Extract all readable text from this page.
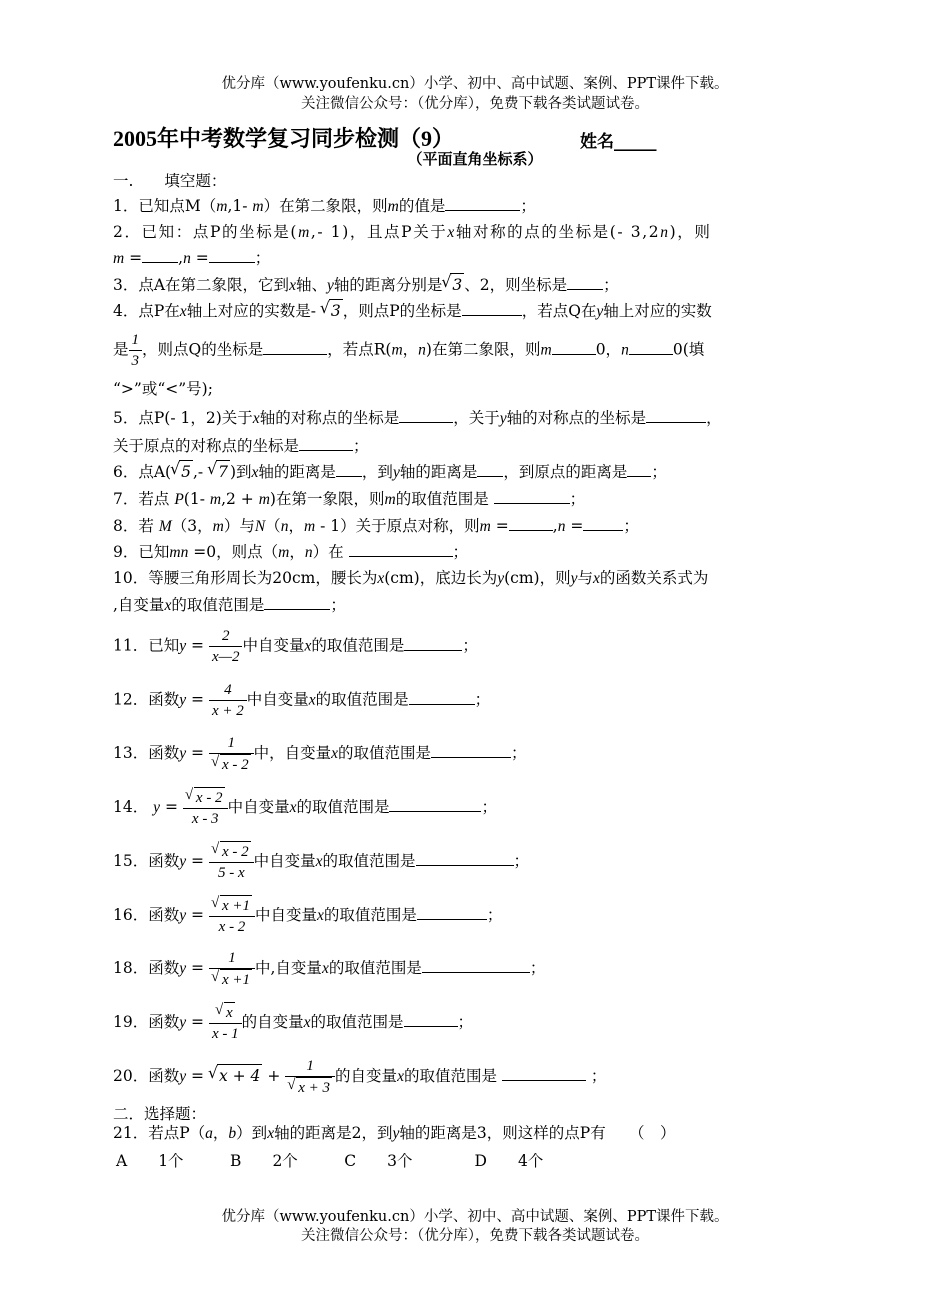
优分库（www.youfenku.cn）小学、初中、高中试题、案例、PPT课件下载。
关注微信公众号：（优分库），免费下载各类试题试卷。
2005年中考数学复习同步检测（9）	姓名_____
（平面直角坐标系）
一.　　填空题：
1．已知点M（m,1- m）在第二象限，则m的值是	；
2．已知：点P的坐标是(m,- 1)，且点P关于x轴对称的点的坐标是(- 3,2n)，则
m = ,n =	；
3．点A在第二象限，它到x轴、y轴的距离分别是 √ 3 、2，则坐标是 ；
4．点P在x轴上对应的实数是- √ 3 ，则点P的坐标是	，若点Q在y轴上对应的实数
是 $\frac{1}{3}$ ，则点Q的坐标是	，若点R(m，n)在第二象限，则m	0，n	0(填
“>”或“<”号);
5．点P(- 1，2)关于x轴的对称点的坐标是	，关于y轴的对称点的坐标是	，
关于原点的对称点的坐标是	；
6．点A( √ 5 ,- √ 7 )到x轴的距离是 ，到y轴的距离是 ，到原点的距离是 ；
7．若点 P(1- m,2 + m)在第一象限，则m的取值范围是	；
8．若 M（3，m）与N（n，m - 1）关于原点对称，则m =	,n =	；
9．已知mn =0，则点（m，n）在	；
10．等腰三角形周长为20cm，腰长为x(cm)，底边长为y(cm)，则y与x的函数关系式为
,自变量x的取值范围是	；
11．已知$y = \frac{2}{x—2}$ 中自变量x的取值范围是	；
12．函数$y = \frac{4}{x + 2}$ 中自变量x的取值范围是	；
13．函数y = 1
√ x - 2 中，自变量x的取值范围是	；
14． y = √ $\frac{x - 2}{x - 3}$ 中自变量x的取值范围是	；
15．函数y = √ $\frac{x - 2}{5 - x}$ 中自变量x的取值范围是	；
16．函数y = √ $\frac{x +1}{x - 2}$ 中自变量x的取值范围是	；
18．函数y = 1
√ x +1 中,自变量x的取值范围是	；
19．函数y = √ $\frac{x}{x - 1}$ 的自变量x的取值范围是	；
20．函数y = √ x + 4 + 1
√ x + 3 的自变量x的取值范围是	；
二．选择题：
21．若点P（a，b）到x轴的距离是2，到y轴的距离是3，则这样的点P有　　（　）
A　　1个　　　B　　2个　　　C　　3个　　　　D　　4个
优分库（www.youfenku.cn）小学、初中、高中试题、案例、PPT课件下载。
关注微信公众号：（优分库），免费下载各类试题试卷。
